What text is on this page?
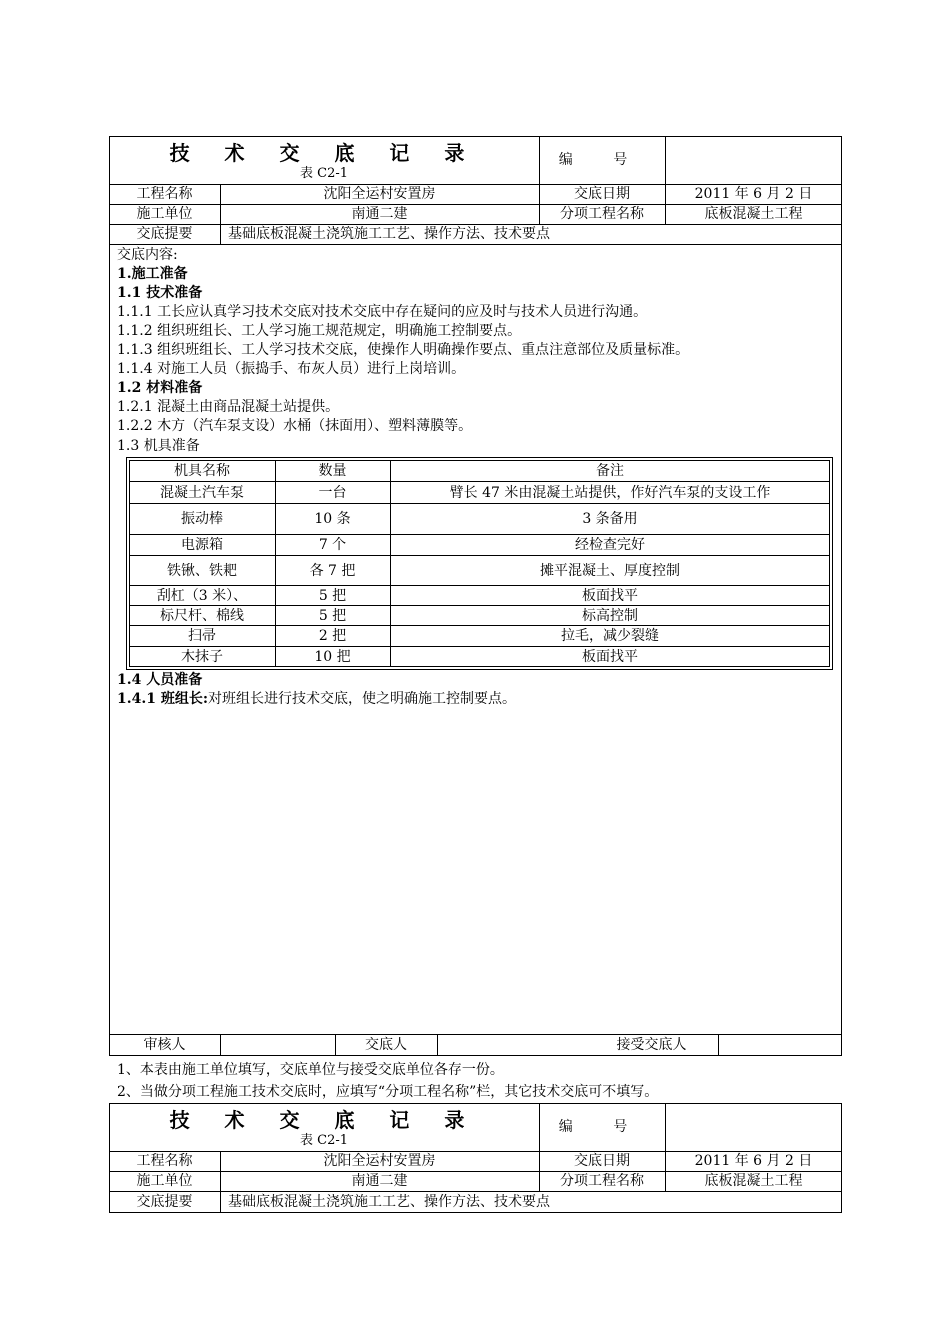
技 术 交 底 记 录
表 C2-1
编 号
工程名称	沈阳全运村安置房	交底日期	2011 年 6 月 2 日
施工单位	南通二建	分项工程名称	底板混凝土工程
交底提要	基础底板混凝土浇筑施工工艺、操作方法、技术要点
交底内容:
1.施工准备
1.1 技术准备
1.1.1 工长应认真学习技术交底对技术交底中存在疑问的应及时与技术人员进行沟通。
1.1.2 组织班组长、工人学习施工规范规定，明确施工控制要点。
1.1.3 组织班组长、工人学习技术交底，使操作人明确操作要点、重点注意部位及质量标准。
1.1.4 对施工人员（振捣手、布灰人员）进行上岗培训。
1.2 材料准备
1.2.1 混凝土由商品混凝土站提供。
1.2.2 木方（汽车泵支设）水桶（抹面用）、塑料薄膜等。
1.3 机具准备
机具名称	数量	备注
混凝土汽车泵	一台	臂长 47 米由混凝土站提供，作好汽车泵的支设工作
振动棒	10 条	3 条备用
电源箱	7 个	经检查完好
铁锹、铁耙	各 7 把	摊平混凝土、厚度控制
刮杠（3 米）、	5 把	板面找平
标尺杆、棉线	5 把	标高控制
扫帚	2 把	拉毛，减少裂缝
木抹子	10 把	板面找平
1.4 人员准备
1.4.1 班组长:对班组长进行技术交底，使之明确施工控制要点。
审核人	交底人	接受交底人
1、本表由施工单位填写，交底单位与接受交底单位各存一份。
2、当做分项工程施工技术交底时，应填写“分项工程名称”栏，其它技术交底可不填写。
技 术 交 底 记 录
表 C2-1
编 号
工程名称	沈阳全运村安置房	交底日期	2011 年 6 月 2 日
施工单位	南通二建	分项工程名称	底板混凝土工程
交底提要	基础底板混凝土浇筑施工工艺、操作方法、技术要点
